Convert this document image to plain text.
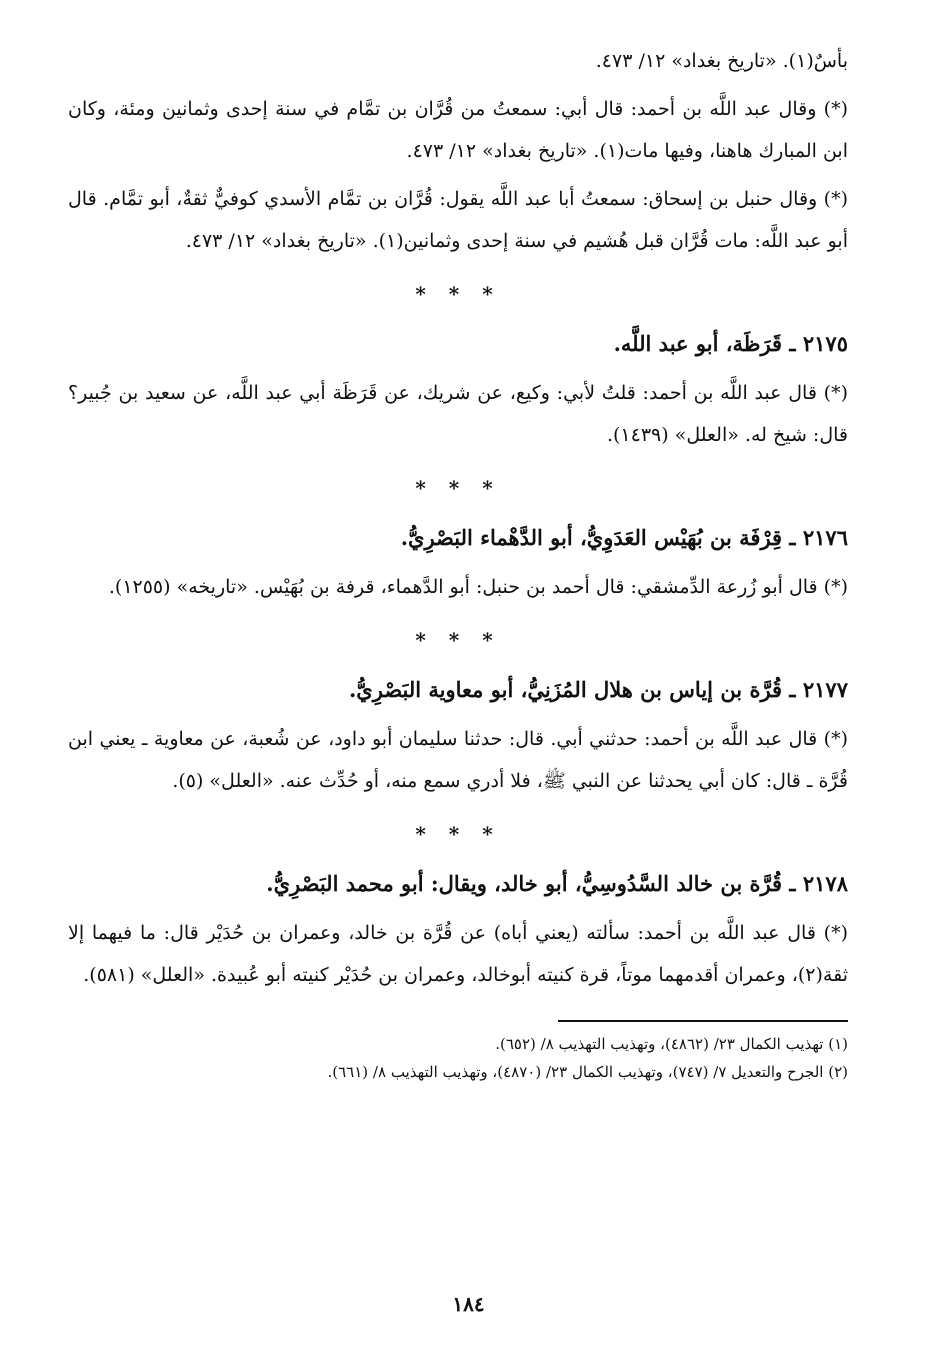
بأسٌ(١). «تاريخ بغداد» ١٢/ ٤٧٣.

(*) وقال عبد اللَّه بن أحمد: قال أبي: سمعتُ من قُرَّان بن تمَّام في سنة إحدى وثمانين ومئة، وكان ابن المبارك هاهنا، وفيها مات(١). «تاريخ بغداد» ١٢/ ٤٧٣.

(*) وقال حنبل بن إسحاق: سمعتُ أبا عبد اللَّه يقول: قُرَّان بن تمَّام الأسدي كوفيٌّ ثقةٌ، أبو تمَّام. قال أبو عبد اللَّه: مات قُرَّان قبل هُشيم في سنة إحدى وثمانين(١). «تاريخ بغداد» ١٢/ ٤٧٣.

* * *
٢١٧٥ ـ قَرَظَة، أبو عبد اللَّه.

(*) قال عبد اللَّه بن أحمد: قلتُ لأبي: وكيع، عن شريك، عن قَرَظَة أبي عبد اللَّه، عن سعيد بن جُبير؟ قال: شيخ له. «العلل» (١٤٣٩).

* * *
٢١٧٦ ـ قِرْفَة بن بُهَيْس العَدَوِيُّ، أبو الدَّهْماء البَصْرِيُّ.

(*) قال أبو زُرعة الدِّمشقي: قال أحمد بن حنبل: أبو الدَّهماء، قرفة بن بُهَيْس. «تاريخه» (١٢٥٥).

* * *
٢١٧٧ ـ قُرَّة بن إياس بن هلال المُزَنِيُّ، أبو معاوية البَصْرِيُّ.

(*) قال عبد اللَّه بن أحمد: حدثني أبي. قال: حدثنا سليمان أبو داود، عن شُعبة، عن معاوية ـ يعني ابن قُرَّة ـ قال: كان أبي يحدثنا عن النبي ﷺ، فلا أدري سمع منه، أو حُدِّث عنه. «العلل» (٥).

* * *
٢١٧٨ ـ قُرَّة بن خالد السَّدُوسِيُّ، أبو خالد، ويقال: أبو محمد البَصْرِيُّ.

(*) قال عبد اللَّه بن أحمد: سألته (يعني أباه) عن قُرَّة بن خالد، وعمران بن حُدَيْر قال: ما فيهما إلا ثقة(٢)، وعمران أقدمهما موتاً، قرة كنيته أبوخالد، وعمران بن حُدَيْر كنيته أبو عُبيدة. «العلل» (٥٨١).

(١) تهذيب الكمال ٢٣/ (٤٨٦٢)، وتهذيب التهذيب ٨/ (٦٥٢).
(٢) الجرح والتعديل ٧/ (٧٤٧)، وتهذيب الكمال ٢٣/ (٤٨٧٠)، وتهذيب التهذيب ٨/ (٦٦١).
١٨٤
